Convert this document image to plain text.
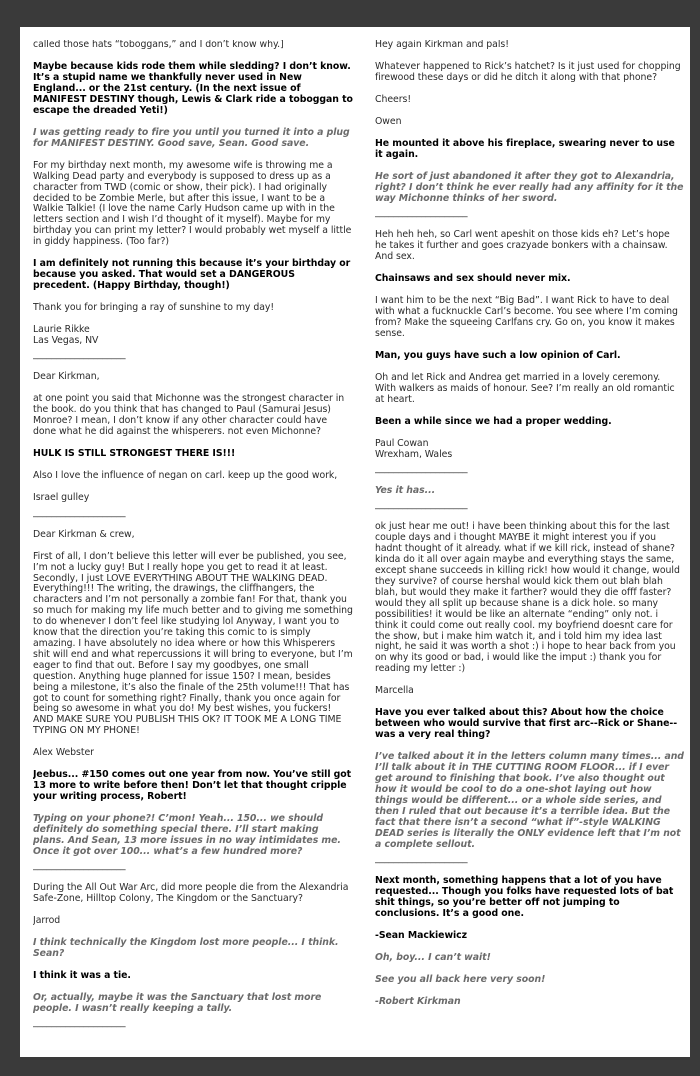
called those hats “toboggans,” and I don’t know why.]

Maybe because kids rode them while sledding? I don’t know. It’s a stupid name we thankfully never used in New England... or the 21st century. (In the next issue of MANIFEST DESTINY though, Lewis & Clark ride a toboggan to escape the dreaded Yeti!)

I was getting ready to fire you until you turned it into a plug for MANIFEST DESTINY. Good save, Sean. Good save.

For my birthday next month, my awesome wife is throwing me a Walking Dead party and everybody is supposed to dress up as a character from TWD (comic or show, their pick). I had originally decided to be Zombie Merle, but after this issue, I want to be a Walkie Talkie! (I love the name Carly Hudson came up with in the letters section and I wish I’d thought of it myself). Maybe for my birthday you can print my letter? I would probably wet myself a little in giddy happiness. (Too far?)

I am definitely not running this because it’s your birthday or because you asked. That would set a DANGEROUS precedent. (Happy Birthday, though!)

Thank you for bringing a ray of sunshine to my day!

Laurie Rikke
Las Vegas, NV

____________________

Dear Kirkman,

at one point you said that Michonne was the strongest character in the book. do you think that has changed to Paul (Samurai Jesus) Monroe? I mean, I don’t know if any other character could have done what he did against the whisperers. not even Michonne?

HULK IS STILL STRONGEST THERE IS!!!

Also I love the influence of negan on carl. keep up the good work,

Israel gulley

____________________

Dear Kirkman & crew,

First of all, I don’t believe this letter will ever be published, you see, I’m not a lucky guy! But I really hope you get to read it at least. Secondly, I just LOVE EVERYTHING ABOUT THE WALKING DEAD. Everything!!! The writing, the drawings, the cliffhangers, the characters and I’m not personally a zombie fan! For that, thank you so much for making my life much better and to giving me something to do whenever I don’t feel like studying lol Anyway, I want you to know that the direction you’re taking this comic to is simply amazing. I have absolutely no idea where or how this Whisperers shit will end and what repercussions it will bring to everyone, but I’m eager to find that out. Before I say my goodbyes, one small question. Anything huge planned for issue 150? I mean, besides being a milestone, it’s also the finale of the 25th volume!!! That has got to count for something right? Finally, thank you once again for being so awesome in what you do! My best wishes, you fuckers! AND MAKE SURE YOU PUBLISH THIS OK? IT TOOK ME A LONG TIME TYPING ON MY PHONE!

Alex Webster

Jeebus... #150 comes out one year from now. You’ve still got 13 more to write before then! Don’t let that thought cripple your writing process, Robert!

Typing on your phone?! C’mon! Yeah... 150... we should definitely do something special there. I’ll start making plans. And Sean, 13 more issues in no way intimidates me. Once it got over 100... what’s a few hundred more?

____________________

During the All Out War Arc, did more people die from the Alexandria Safe-Zone, Hilltop Colony, The Kingdom or the Sanctuary?

Jarrod

I think technically the Kingdom lost more people... I think. Sean?

I think it was a tie.

Or, actually, maybe it was the Sanctuary that lost more people. I wasn’t really keeping a tally.

____________________

Hey again Kirkman and pals!

Whatever happened to Rick’s hatchet? Is it just used for chopping firewood these days or did he ditch it along with that phone?

Cheers!

Owen

He mounted it above his fireplace, swearing never to use it again.

He sort of just abandoned it after they got to Alexandria, right? I don’t think he ever really had any affinity for it the way Michonne thinks of her sword.

____________________

Heh heh heh, so Carl went apeshit on those kids eh? Let’s hope he takes it further and goes crazyade bonkers with a chainsaw. And sex.

Chainsaws and sex should never mix.

I want him to be the next “Big Bad”. I want Rick to have to deal with what a fucknuckle Carl’s become. You see where I’m coming from? Make the squeeing Carlfans cry. Go on, you know it makes sense.

Man, you guys have such a low opinion of Carl.

Oh and let Rick and Andrea get married in a lovely ceremony. With walkers as maids of honour. See? I’m really an old romantic at heart.

Been a while since we had a proper wedding.

Paul Cowan
Wrexham, Wales

____________________

Yes it has...

____________________

ok just hear me out! i have been thinking about this for the last couple days and i thought MAYBE it might interest you if you hadnt thought of it already. what if we kill rick, instead of shane? kinda do it all over again maybe and everything stays the same, except shane succeeds in killing rick! how would it change, would they survive? of course hershal would kick them out blah blah blah, but would they make it farther? would they die offf faster? would they all split up because shane is a dick hole. so many possibilities! it would be like an alternate “ending” only not. i think it could come out really cool. my boyfriend doesnt care for the show, but i make him watch it, and i told him my idea last night, he said it was worth a shot :) i hope to hear back from you on why its good or bad, i would like the imput :) thank you for reading my letter :)

Marcella

Have you ever talked about this? About how the choice between who would survive that first arc--Rick or Shane--was a very real thing?

I’ve talked about it in the letters column many times... and I’ll talk about it in THE CUTTING ROOM FLOOR... if I ever get around to finishing that book. I’ve also thought out how it would be cool to do a one-shot laying out how things would be different... or a whole side series, and then I ruled that out because it’s a terrible idea. But the fact that there isn’t a second “what if”-style WALKING DEAD series is literally the ONLY evidence left that I’m not a complete sellout.

____________________

Next month, something happens that a lot of you have requested... Though you folks have requested lots of bat shit things, so you’re better off not jumping to conclusions. It’s a good one.

-Sean Mackiewicz

Oh, boy... I can’t wait!

See you all back here very soon!

-Robert Kirkman
